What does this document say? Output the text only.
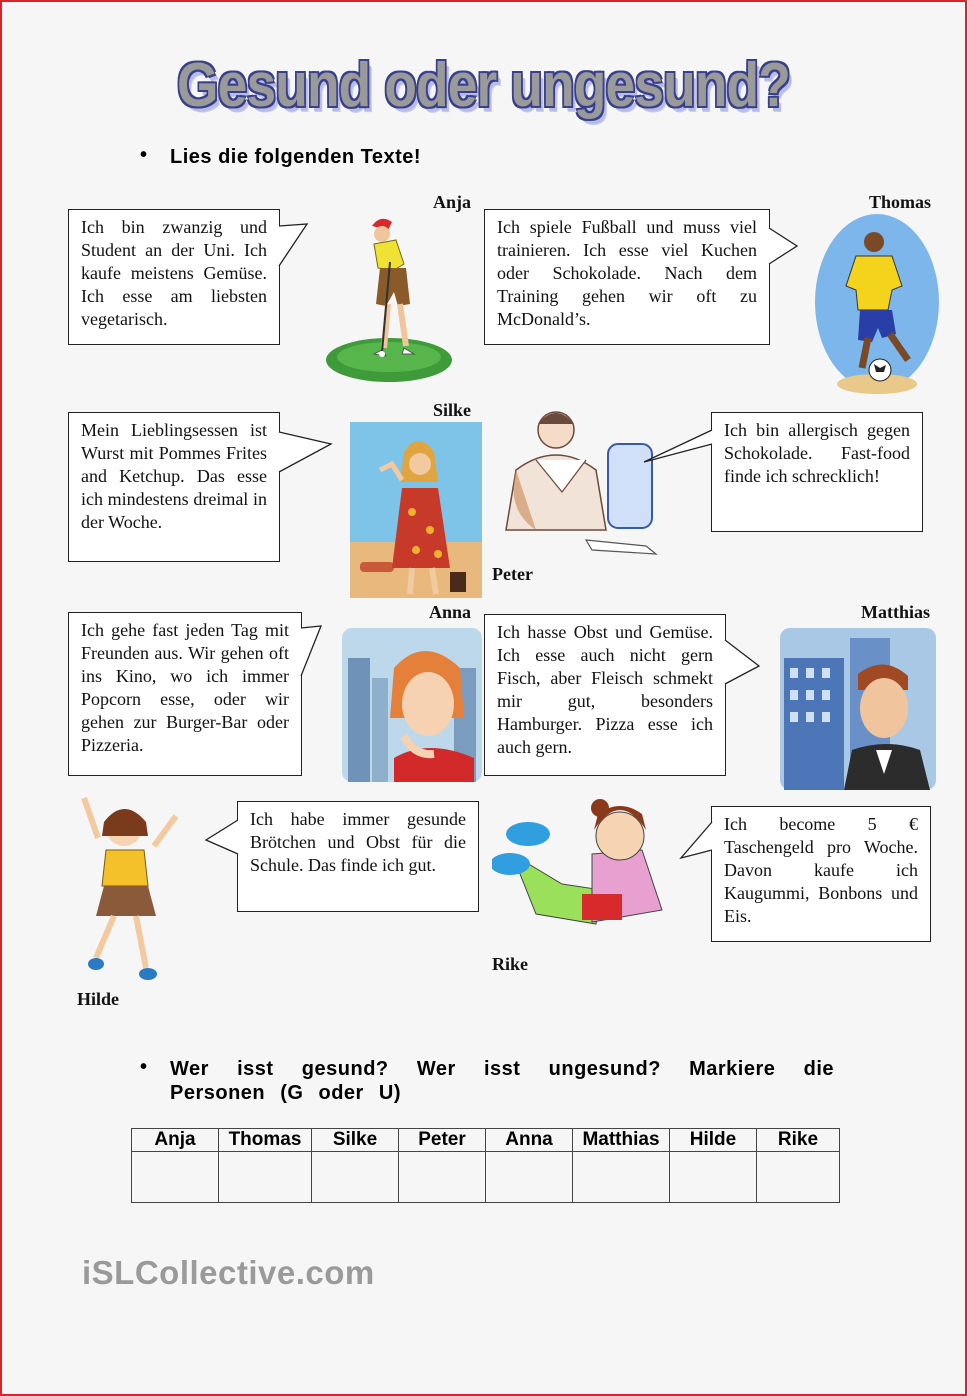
Gesund oder ungesund?
• Lies die folgenden Texte!
Ich bin zwanzig und Student an der Uni. Ich kaufe meistens Gemüse. Ich esse am liebsten vegetarisch.
Anja
Ich spiele Fußball und muss viel trainieren. Ich esse viel Kuchen oder Schokolade. Nach dem Training gehen wir oft zu McDonald’s.
Thomas
Mein Lieblingsessen ist Wurst mit Pommes Frites and Ketchup. Das esse ich mindestens dreimal in der Woche.
Silke
Peter
Ich bin allergisch gegen Schokolade. Fast-food finde ich schrecklich!
Ich gehe fast jeden Tag mit Freunden aus. Wir gehen oft ins Kino, wo ich immer Popcorn esse, oder wir gehen zur Burger-Bar oder Pizzeria.
Anna
Ich hasse Obst und Gemüse. Ich esse auch nicht gern Fisch, aber Fleisch schmekt mir gut, besonders Hamburger. Pizza esse ich auch gern.
Matthias
Hilde
Ich habe immer gesunde Brötchen und Obst für die Schule. Das finde ich gut.
Rike
Ich become 5 € Taschengeld pro Woche. Davon kaufe ich Kaugummi, Bonbons und Eis.
• Wer isst gesund? Wer isst ungesund? Markiere die Personen (G oder U)
Anja	Thomas	Silke	Peter	Anna	Matthias	Hilde	Rike

iSLCollective.com
